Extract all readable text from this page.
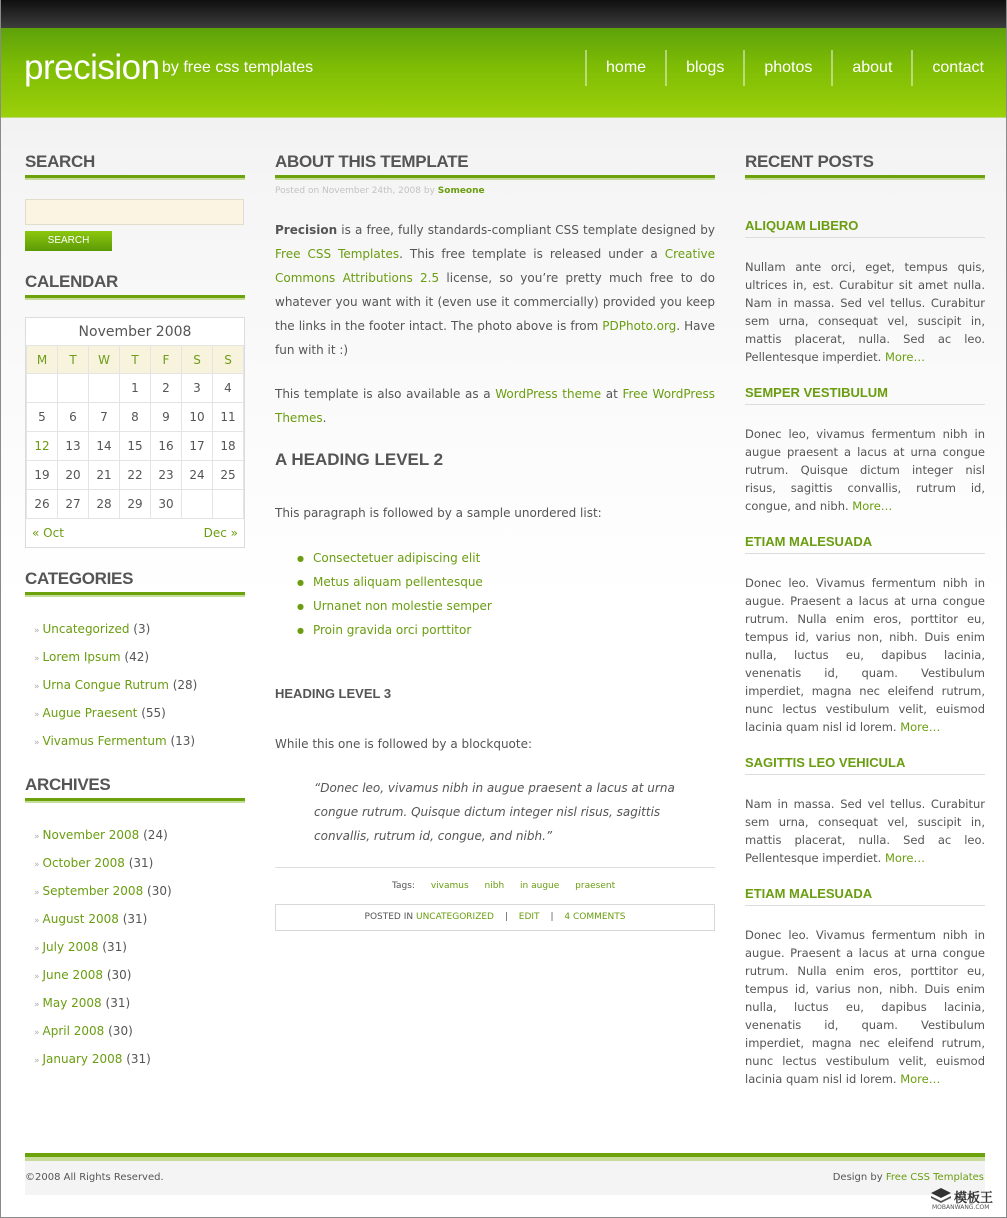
precision by free css templates	home	blogs	photos	about	contact
SEARCH
SEARCH
CALENDAR
November 2008
M	T	W	T	F	S	S
			1	2	3	4
5	6	7	8	9	10	11
12	13	14	15	16	17	18
19	20	21	22	23	24	25
26	27	28	29	30		
« Oct	Dec »
CATEGORIES
» Uncategorized (3)
» Lorem Ipsum (42)
» Urna Congue Rutrum (28)
» Augue Praesent (55)
» Vivamus Fermentum (13)
ARCHIVES
» November 2008 (24)
» October 2008 (31)
» September 2008 (30)
» August 2008 (31)
» July 2008 (31)
» June 2008 (30)
» May 2008 (31)
» April 2008 (30)
» January 2008 (31)
ABOUT THIS TEMPLATE
Posted on November 24th, 2008 by Someone
Precision is a free, fully standards-compliant CSS template designed by Free CSS Templates. This free template is released under a Creative Commons Attributions 2.5 license, so you’re pretty much free to do whatever you want with it (even use it commercially) provided you keep the links in the footer intact. The photo above is from PDPhoto.org. Have fun with it :)
This template is also available as a WordPress theme at Free WordPress Themes.
A HEADING LEVEL 2
This paragraph is followed by a sample unordered list:
● Consectetuer adipiscing elit
● Metus aliquam pellentesque
● Urnanet non molestie semper
● Proin gravida orci porttitor
HEADING LEVEL 3
While this one is followed by a blockquote:
“Donec leo, vivamus nibh in augue praesent a lacus at urna congue rutrum. Quisque dictum integer nisl risus, sagittis convallis, rutrum id, congue, and nibh.”
Tags: vivamus nibh in augue praesent
POSTED IN UNCATEGORIZED | EDIT | 4 COMMENTS
RECENT POSTS
ALIQUAM LIBERO
Nullam ante orci, eget, tempus quis, ultrices in, est. Curabitur sit amet nulla. Nam in massa. Sed vel tellus. Curabitur sem urna, consequat vel, suscipit in, mattis placerat, nulla. Sed ac leo. Pellentesque imperdiet. More…
SEMPER VESTIBULUM
Donec leo, vivamus fermentum nibh in augue praesent a lacus at urna congue rutrum. Quisque dictum integer nisl risus, sagittis convallis, rutrum id, congue, and nibh. More…
ETIAM MALESUADA
Donec leo. Vivamus fermentum nibh in augue. Praesent a lacus at urna congue rutrum. Nulla enim eros, porttitor eu, tempus id, varius non, nibh. Duis enim nulla, luctus eu, dapibus lacinia, venenatis id, quam. Vestibulum imperdiet, magna nec eleifend rutrum, nunc lectus vestibulum velit, euismod lacinia quam nisl id lorem. More…
SAGITTIS LEO VEHICULA
Nam in massa. Sed vel tellus. Curabitur sem urna, consequat vel, suscipit in, mattis placerat, nulla. Sed ac leo. Pellentesque imperdiet. More…
ETIAM MALESUADA
Donec leo. Vivamus fermentum nibh in augue. Praesent a lacus at urna congue rutrum. Nulla enim eros, porttitor eu, tempus id, varius non, nibh. Duis enim nulla, luctus eu, dapibus lacinia, venenatis id, quam. Vestibulum imperdiet, magna nec eleifend rutrum, nunc lectus vestibulum velit, euismod lacinia quam nisl id lorem. More…
©2008 All Rights Reserved.	Design by Free CSS Templates
模板王
MOBANWANG.COM
